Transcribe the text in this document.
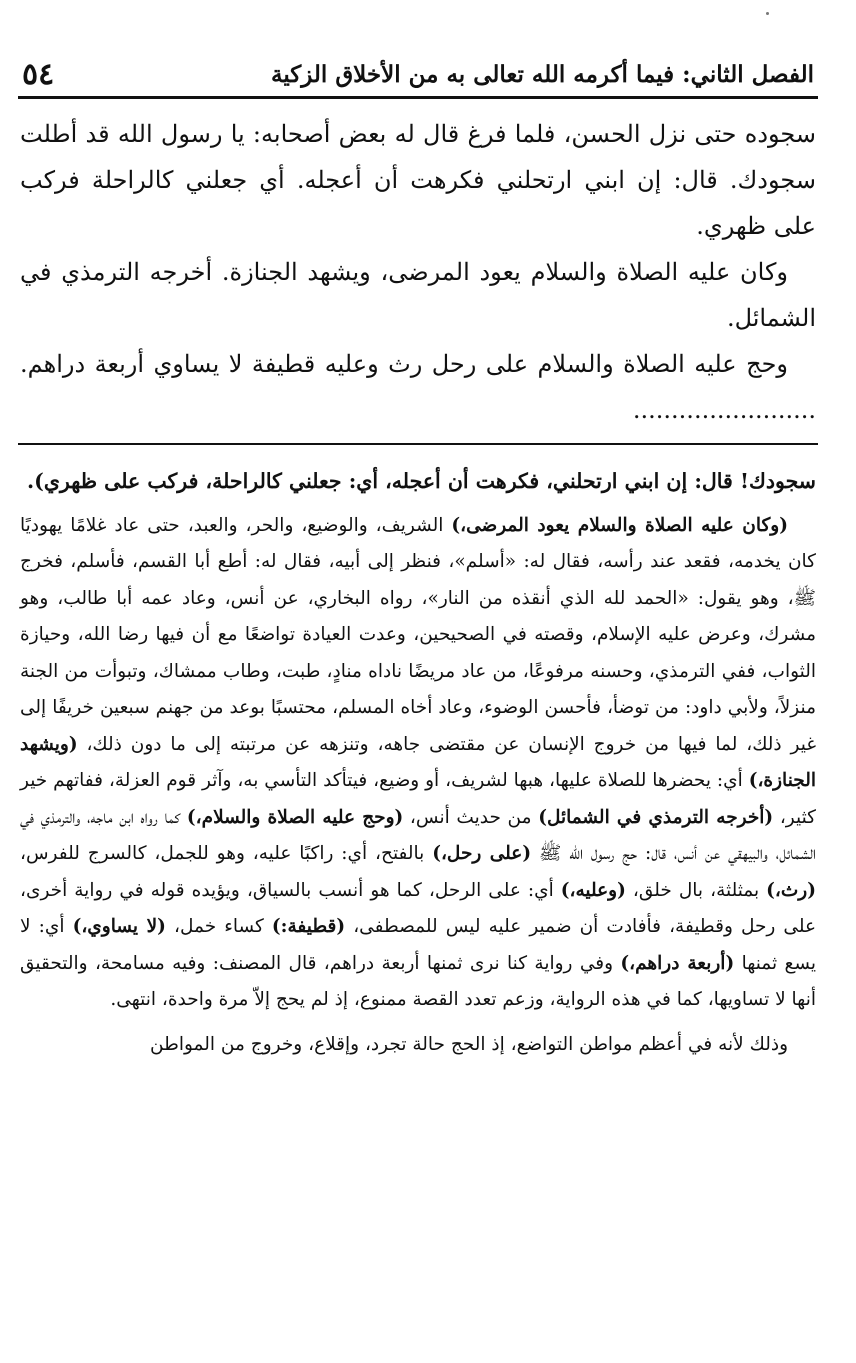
الفصل الثاني: فيما أكرمه الله تعالى به من الأخلاق الزكية
٥٤

سجوده حتى نزل الحسن، فلما فرغ قال له بعض أصحابه: يا رسول الله قد أطلت سجودك. قال: إن ابني ارتحلني فكرهت أن أعجله. أي جعلني كالراحلة فركب على ظهري.

وكان عليه الصلاة والسلام يعود المرضى، ويشهد الجنازة. أخرجه الترمذي في الشمائل.

وحج عليه الصلاة والسلام على رحل رث وعليه قطيفة لا يساوي أربعة دراهم. ........................

سجودك! قال: إن ابني ارتحلني، فكرهت أن أعجله، أي: جعلني كالراحلة، فركب على ظهري).

(وكان عليه الصلاة والسلام يعود المرضى،) الشريف، والوضيع، والحر، والعبد، حتى عاد غلامًا يهوديًا كان يخدمه، فقعد عند رأسه، فقال له: «أسلم»، فنظر إلى أبيه، فقال له: أطع أبا القسم، فأسلم، فخرج ﷺ، وهو يقول: «الحمد لله الذي أنقذه من النار»، رواه البخاري، عن أنس، وعاد عمه أبا طالب، وهو مشرك، وعرض عليه الإسلام، وقصته في الصحيحين، وعدت العيادة تواضعًا مع أن فيها رضا الله، وحيازة الثواب، ففي الترمذي، وحسنه مرفوعًا، من عاد مريضًا ناداه منادٍ، طبت، وطاب ممشاك، وتبوأت من الجنة منزلاً، ولأبي داود: من توضأ، فأحسن الوضوء، وعاد أخاه المسلم، محتسبًا بوعد من جهنم سبعين خريفًا إلى غير ذلك، لما فيها من خروج الإنسان عن مقتضى جاهه، وتنزهه عن مرتبته إلى ما دون ذلك، (ويشهد الجنازة،) أي: يحضرها للصلاة عليها، هبها لشريف، أو وضيع، فيتأكد التأسي به، وآثر قوم العزلة، ففاتهم خير كثير، (أخرجه الترمذي في الشمائل) من حديث أنس، (وحج عليه الصلاة والسلام،) كما رواه ابن ماجه، والترمذي في الشمائل، والبيهقي عن أنس، قال: حج رسول الله ﷺ (على رحل،) بالفتح، أي: راكبًا عليه، وهو للجمل، كالسرج للفرس، (رث،) بمثلثة، بال خلق، (وعليه،) أي: على الرحل، كما هو أنسب بالسياق، ويؤيده قوله في رواية أخرى، على رحل وقطيفة، فأفادت أن ضمير عليه ليس للمصطفى، (قطيفة:) كساء خمل، (لا يساوي،) أي: لا يسع ثمنها (أربعة دراهم،) وفي رواية كنا نرى ثمنها أربعة دراهم، قال المصنف: وفيه مسامحة، والتحقيق أنها لا تساويها، كما في هذه الرواية، وزعم تعدد القصة ممنوع، إذ لم يحج إلاّ مرة واحدة، انتهى.

وذلك لأنه في أعظم مواطن التواضع، إذ الحج حالة تجرد، وإقلاع، وخروج من المواطن
